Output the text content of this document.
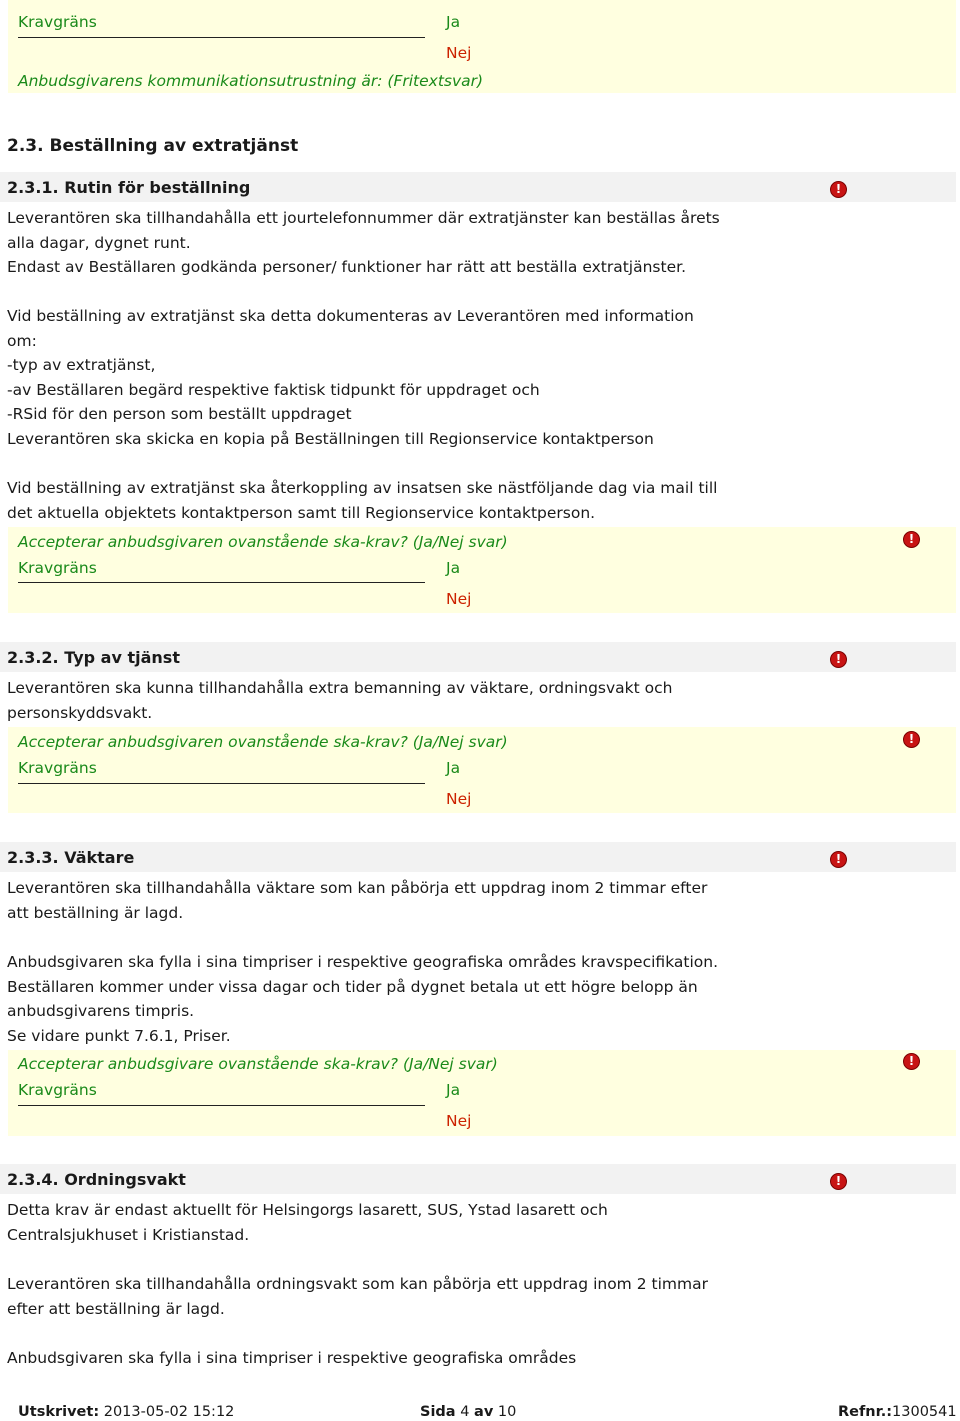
Kravgräns	Ja
Nej
Anbudsgivarens kommunikationsutrustning är: (Fritextsvar)
2.3. Beställning av extratjänst
2.3.1. Rutin för beställning	!
Leverantören ska tillhandahålla ett jourtelefonnummer där extratjänster kan beställas årets
alla dagar, dygnet runt.
Endast av Beställaren godkända personer/ funktioner har rätt att beställa extratjänster.
Vid beställning av extratjänst ska detta dokumenteras av Leverantören med information
om:
-typ av extratjänst,
-av Beställaren begärd respektive faktisk tidpunkt för uppdraget och
-RSid för den person som beställt uppdraget
Leverantören ska skicka en kopia på Beställningen till Regionservice kontaktperson
Vid beställning av extratjänst ska återkoppling av insatsen ske nästföljande dag via mail till
det aktuella objektets kontaktperson samt till Regionservice kontaktperson.
Accepterar anbudsgivaren ovanstående ska-krav? (Ja/Nej svar)	!
Kravgräns	Ja
Nej
2.3.2. Typ av tjänst	!
Leverantören ska kunna tillhandahålla extra bemanning av väktare, ordningsvakt och
personskyddsvakt.
Accepterar anbudsgivaren ovanstående ska-krav? (Ja/Nej svar)	!
Kravgräns	Ja
Nej
2.3.3. Väktare	!
Leverantören ska tillhandahålla väktare som kan påbörja ett uppdrag inom 2 timmar efter
att beställning är lagd.
Anbudsgivaren ska fylla i sina timpriser i respektive geografiska områdes kravspecifikation.
Beställaren kommer under vissa dagar och tider på dygnet betala ut ett högre belopp än
anbudsgivarens timpris.
Se vidare punkt 7.6.1, Priser.
Accepterar anbudsgivare ovanstående ska-krav? (Ja/Nej svar)	!
Kravgräns	Ja
Nej
2.3.4. Ordningsvakt	!
Detta krav är endast aktuellt för Helsingorgs lasarett, SUS, Ystad lasarett och
Centralsjukhuset i Kristianstad.
Leverantören ska tillhandahålla ordningsvakt som kan påbörja ett uppdrag inom 2 timmar
efter att beställning är lagd.
Anbudsgivaren ska fylla i sina timpriser i respektive geografiska områdes
Utskrivet: 2013-05-02 15:12	Sida 4 av 10	Refnr.:1300541
